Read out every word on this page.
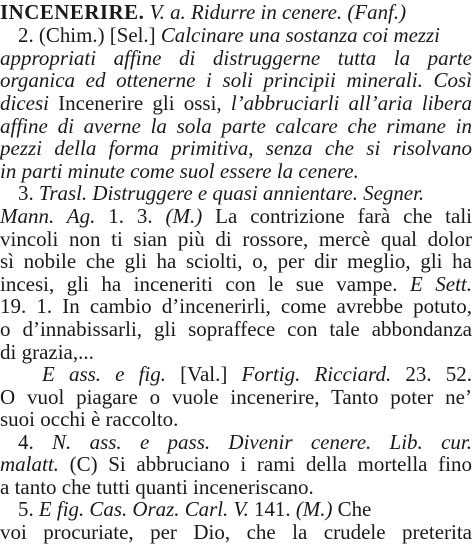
INCENERIRE. V. a. Ridurre in cenere. (Fanf.)
2. (Chim.) [Sel.] Calcinare una sostanza coi mezzi
appropriati affine di distruggerne tutta la parte
organica ed ottenerne i soli principii minerali. Così
dicesi Incenerire gli ossi, l’abbruciarli all’aria libera
affine di averne la sola parte calcare che rimane in
pezzi della forma primitiva, senza che si risolvano
in parti minute come suol essere la cenere.
3. Trasl. Distruggere e quasi annientare. Segner.
Mann. Ag. 1. 3. (M.) La contrizione farà che tali
vincoli non ti sian più di rossore, mercè qual dolor
sì nobile che gli ha sciolti, o, per dir meglio, gli ha
incesi, gli ha inceneriti con le sue vampe. E Sett.
19. 1. In cambio d’incenerirli, come avrebbe potuto,
o d’innabissarli, gli sopraffece con tale abbondanza
di grazia,...
E ass. e fig. [Val.] Fortig. Ricciard. 23. 52.
O vuol piagare o vuole incenerire, Tanto poter ne’
suoi occhi è raccolto.
4. N. ass. e pass. Divenir cenere. Lib. cur.
malatt. (C) Si abbruciano i rami della mortella fino
a tanto che tutti quanti inceneriscano.
5. E fig. Cas. Oraz. Carl. V. 141. (M.) Che
voi procuriate, per Dio, che la crudele preterita
